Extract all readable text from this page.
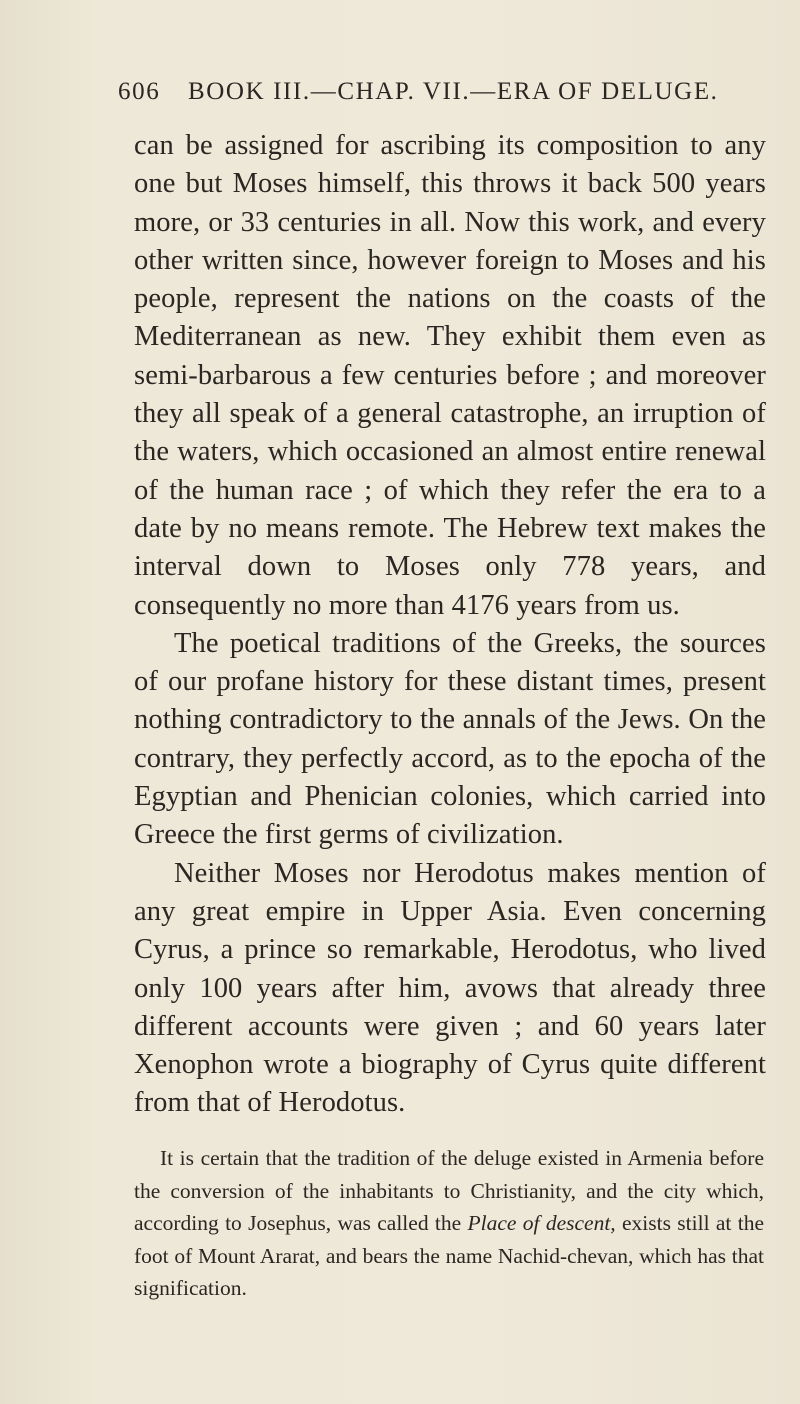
606 BOOK III.—CHAP. VII.—ERA OF DELUGE.

can be assigned for ascribing its composition to any one but Moses himself, this throws it back 500 years more, or 33 centuries in all. Now this work, and every other written since, however foreign to Moses and his people, represent the nations on the coasts of the Mediterranean as new. They exhibit them even as semi-barbarous a few centuries before ; and moreover they all speak of a general catastrophe, an irruption of the waters, which occasioned an almost entire renewal of the human race ; of which they refer the era to a date by no means remote. The Hebrew text makes the interval down to Moses only 778 years, and consequently no more than 4176 years from us.

The poetical traditions of the Greeks, the sources of our profane history for these distant times, present nothing contradictory to the annals of the Jews. On the contrary, they perfectly accord, as to the epocha of the Egyptian and Phenician colonies, which carried into Greece the first germs of civilization.

Neither Moses nor Herodotus makes mention of any great empire in Upper Asia. Even concerning Cyrus, a prince so remarkable, Herodotus, who lived only 100 years after him, avows that already three different accounts were given ; and 60 years later Xenophon wrote a biography of Cyrus quite different from that of Herodotus.

It is certain that the tradition of the deluge existed in Armenia before the conversion of the inhabitants to Christianity, and the city which, according to Josephus, was called the Place of descent, exists still at the foot of Mount Ararat, and bears the name Nachid-chevan, which has that signification.
